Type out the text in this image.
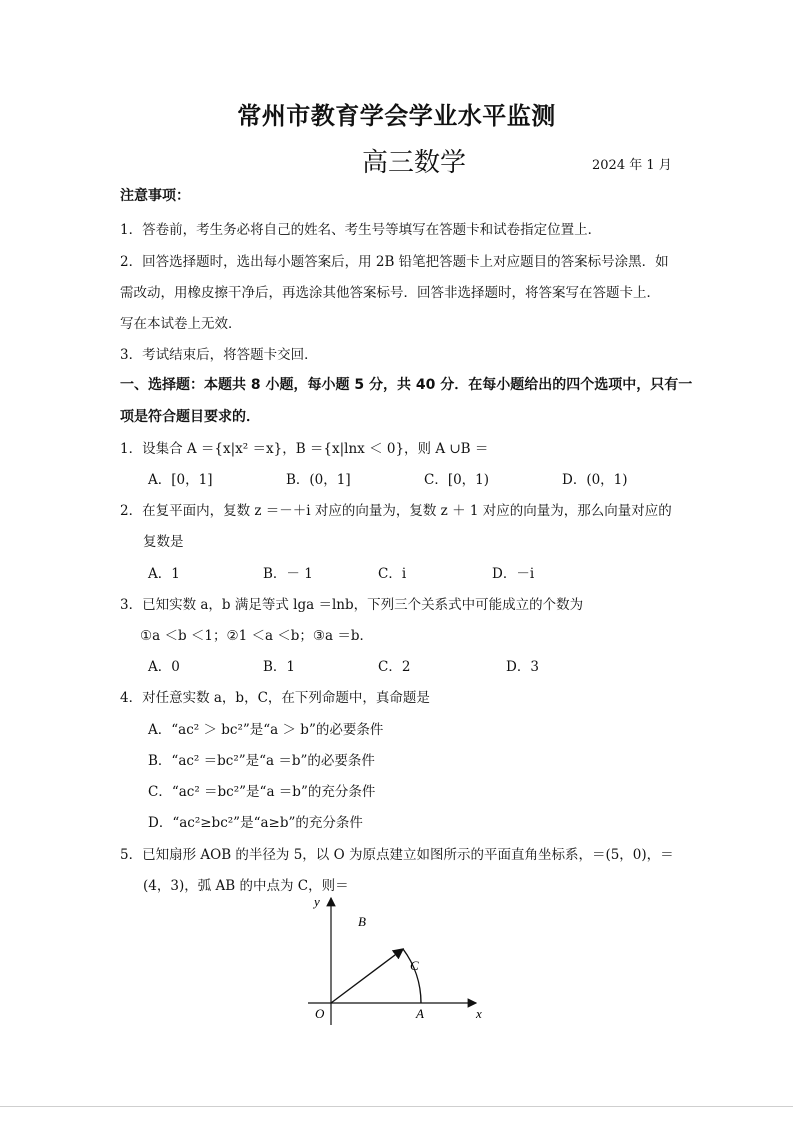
常州市教育学会学业水平监测
高三数学	2024 年 1 月
注意事项：
1．答卷前，考生务必将自己的姓名、考生号等填写在答题卡和试卷指定位置上．
2．回答选择题时，选出每小题答案后，用 2B 铅笔把答题卡上对应题目的答案标号涂黑．如
需改动，用橡皮擦干净后，再选涂其他答案标号．回答非选择题时，将答案写在答题卡上．
写在本试卷上无效．
3．考试结束后，将答题卡交回．
一、选择题：本题共 8 小题，每小题 5 分，共 40 分．在每小题给出的四个选项中，只有一
项是符合题目要求的．
1．设集合 A ＝{x|x² ＝x}，B ＝{x|lnx ＜ 0}，则 A ∪B ＝
A．[0，1]	B．(0，1]	C．[0，1)	D．(0，1)
2．在复平面内，复数 z ＝－＋i 对应的向量为，复数 z ＋ 1 对应的向量为，那么向量对应的
复数是
A．1	B．－ 1	C．i	D．－i
3．已知实数 a，b 满足等式 lga ＝lnb，下列三个关系式中可能成立的个数为
①a ＜b ＜1；②1 ＜a ＜b；③a ＝b．
A．0	B．1	C．2	D．3
4．对任意实数 a，b，C，在下列命题中，真命题是
A．“ac² ＞ bc²”是“a ＞ b”的必要条件
B．“ac² ＝bc²”是“a ＝b”的必要条件
C．“ac² ＝bc²”是“a ＝b”的充分条件
D．“ac²≥bc²”是“a≥b”的充分条件
5．已知扇形 AOB 的半径为 5，以 O 为原点建立如图所示的平面直角坐标系，＝(5，0)，＝
(4，3)，弧 AB 的中点为 C，则＝
y
x
O	A
B
C
